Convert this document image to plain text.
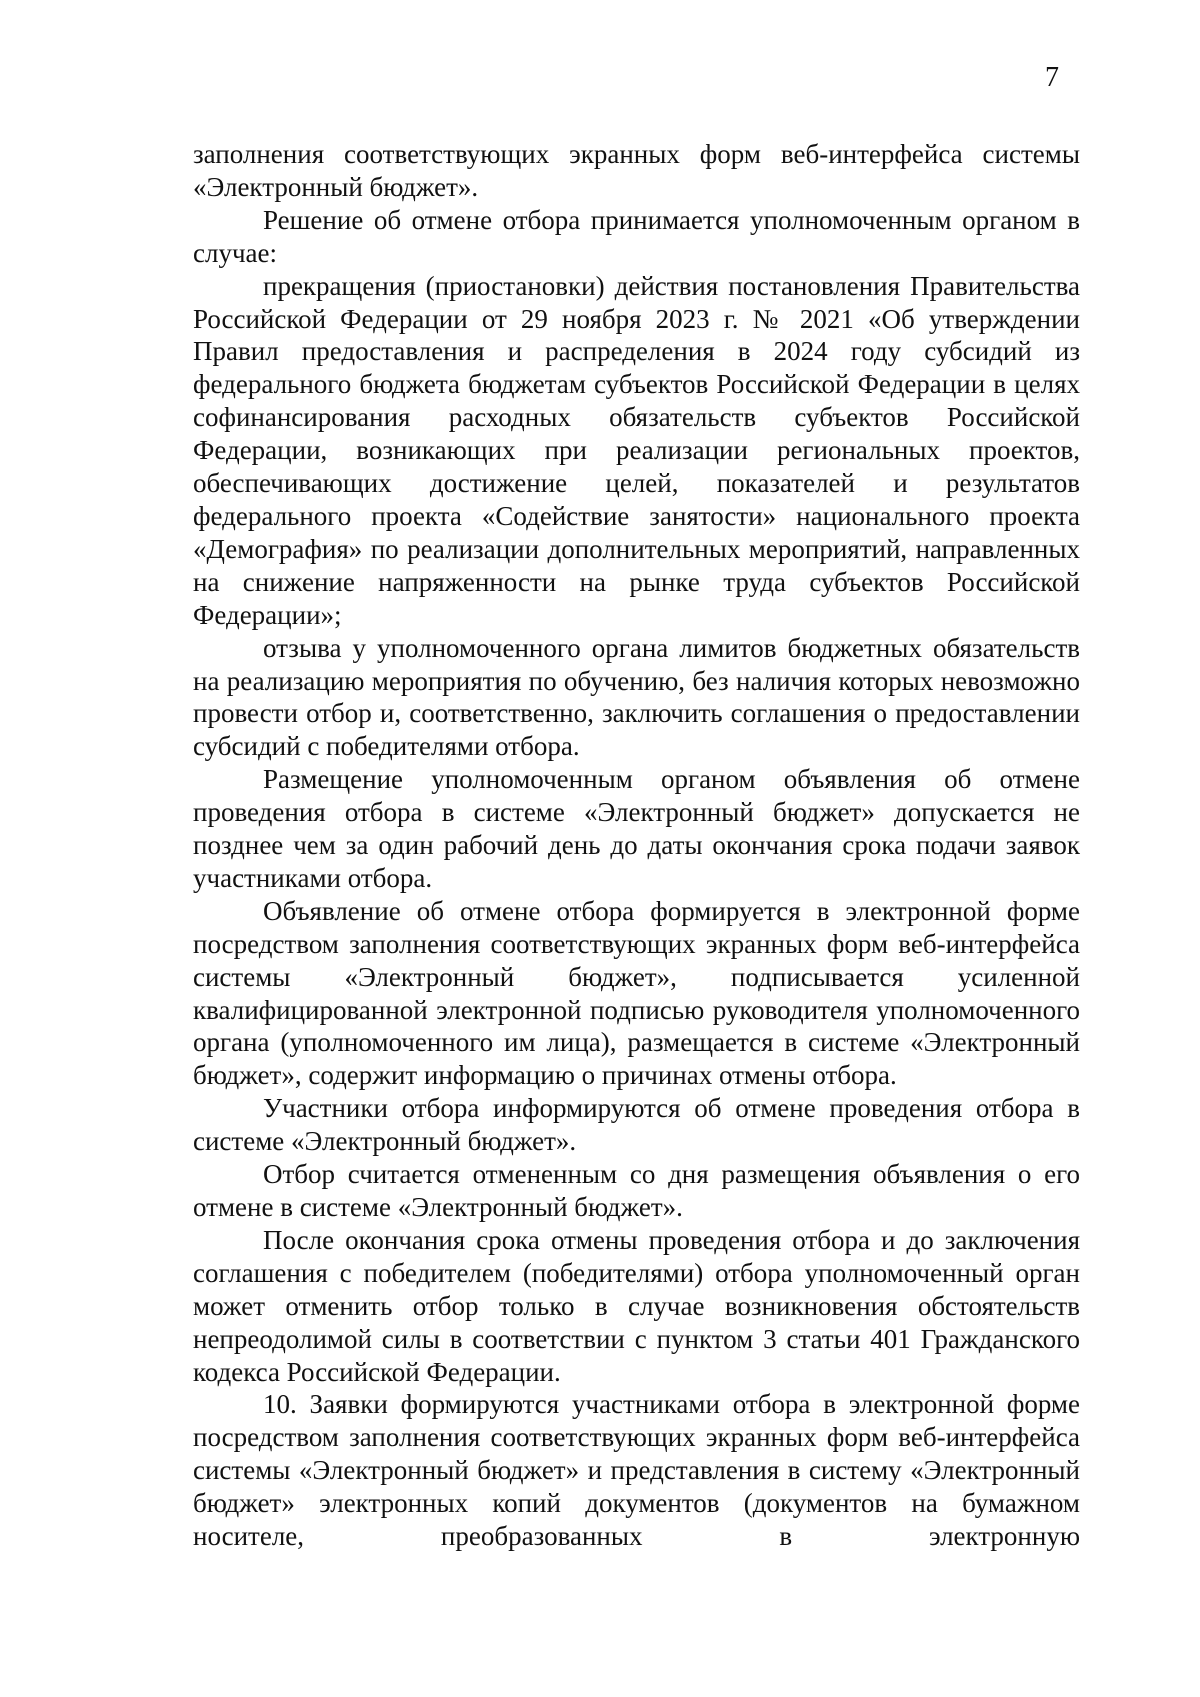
7

заполнения соответствующих экранных форм веб-интерфейса системы «Электронный бюджет».

Решение об отмене отбора принимается уполномоченным органом в случае:

прекращения (приостановки) действия постановления Правительства Российской Федерации от 29 ноября 2023 г. № 2021 «Об утверждении Правил предоставления и распределения в 2024 году субсидий из федерального бюджета бюджетам субъектов Российской Федерации в целях софинансирования расходных обязательств субъектов Российской Федерации, возникающих при реализации региональных проектов, обеспечивающих достижение целей, показателей и результатов федерального проекта «Содействие занятости» национального проекта «Демография» по реализации дополнительных мероприятий, направленных на снижение напряженности на рынке труда субъектов Российской Федерации»;

отзыва у уполномоченного органа лимитов бюджетных обязательств на реализацию мероприятия по обучению, без наличия которых невозможно провести отбор и, соответственно, заключить соглашения о предоставлении субсидий с победителями отбора.

Размещение уполномоченным органом объявления об отмене проведения отбора в системе «Электронный бюджет» допускается не позднее чем за один рабочий день до даты окончания срока подачи заявок участниками отбора.

Объявление об отмене отбора формируется в электронной форме посредством заполнения соответствующих экранных форм веб-интерфейса системы «Электронный бюджет», подписывается усиленной квалифицированной электронной подписью руководителя уполномоченного органа (уполномоченного им лица), размещается в системе «Электронный бюджет», содержит информацию о причинах отмены отбора.

Участники отбора информируются об отмене проведения отбора в системе «Электронный бюджет».

Отбор считается отмененным со дня размещения объявления о его отмене в системе «Электронный бюджет».

После окончания срока отмены проведения отбора и до заключения соглашения с победителем (победителями) отбора уполномоченный орган может отменить отбор только в случае возникновения обстоятельств непреодолимой силы в соответствии с пунктом 3 статьи 401 Гражданского кодекса Российской Федерации.

10. Заявки формируются участниками отбора в электронной форме посредством заполнения соответствующих экранных форм веб-интерфейса системы «Электронный бюджет» и представления в систему «Электронный бюджет» электронных копий документов (документов на бумажном носителе, преобразованных в электронную
